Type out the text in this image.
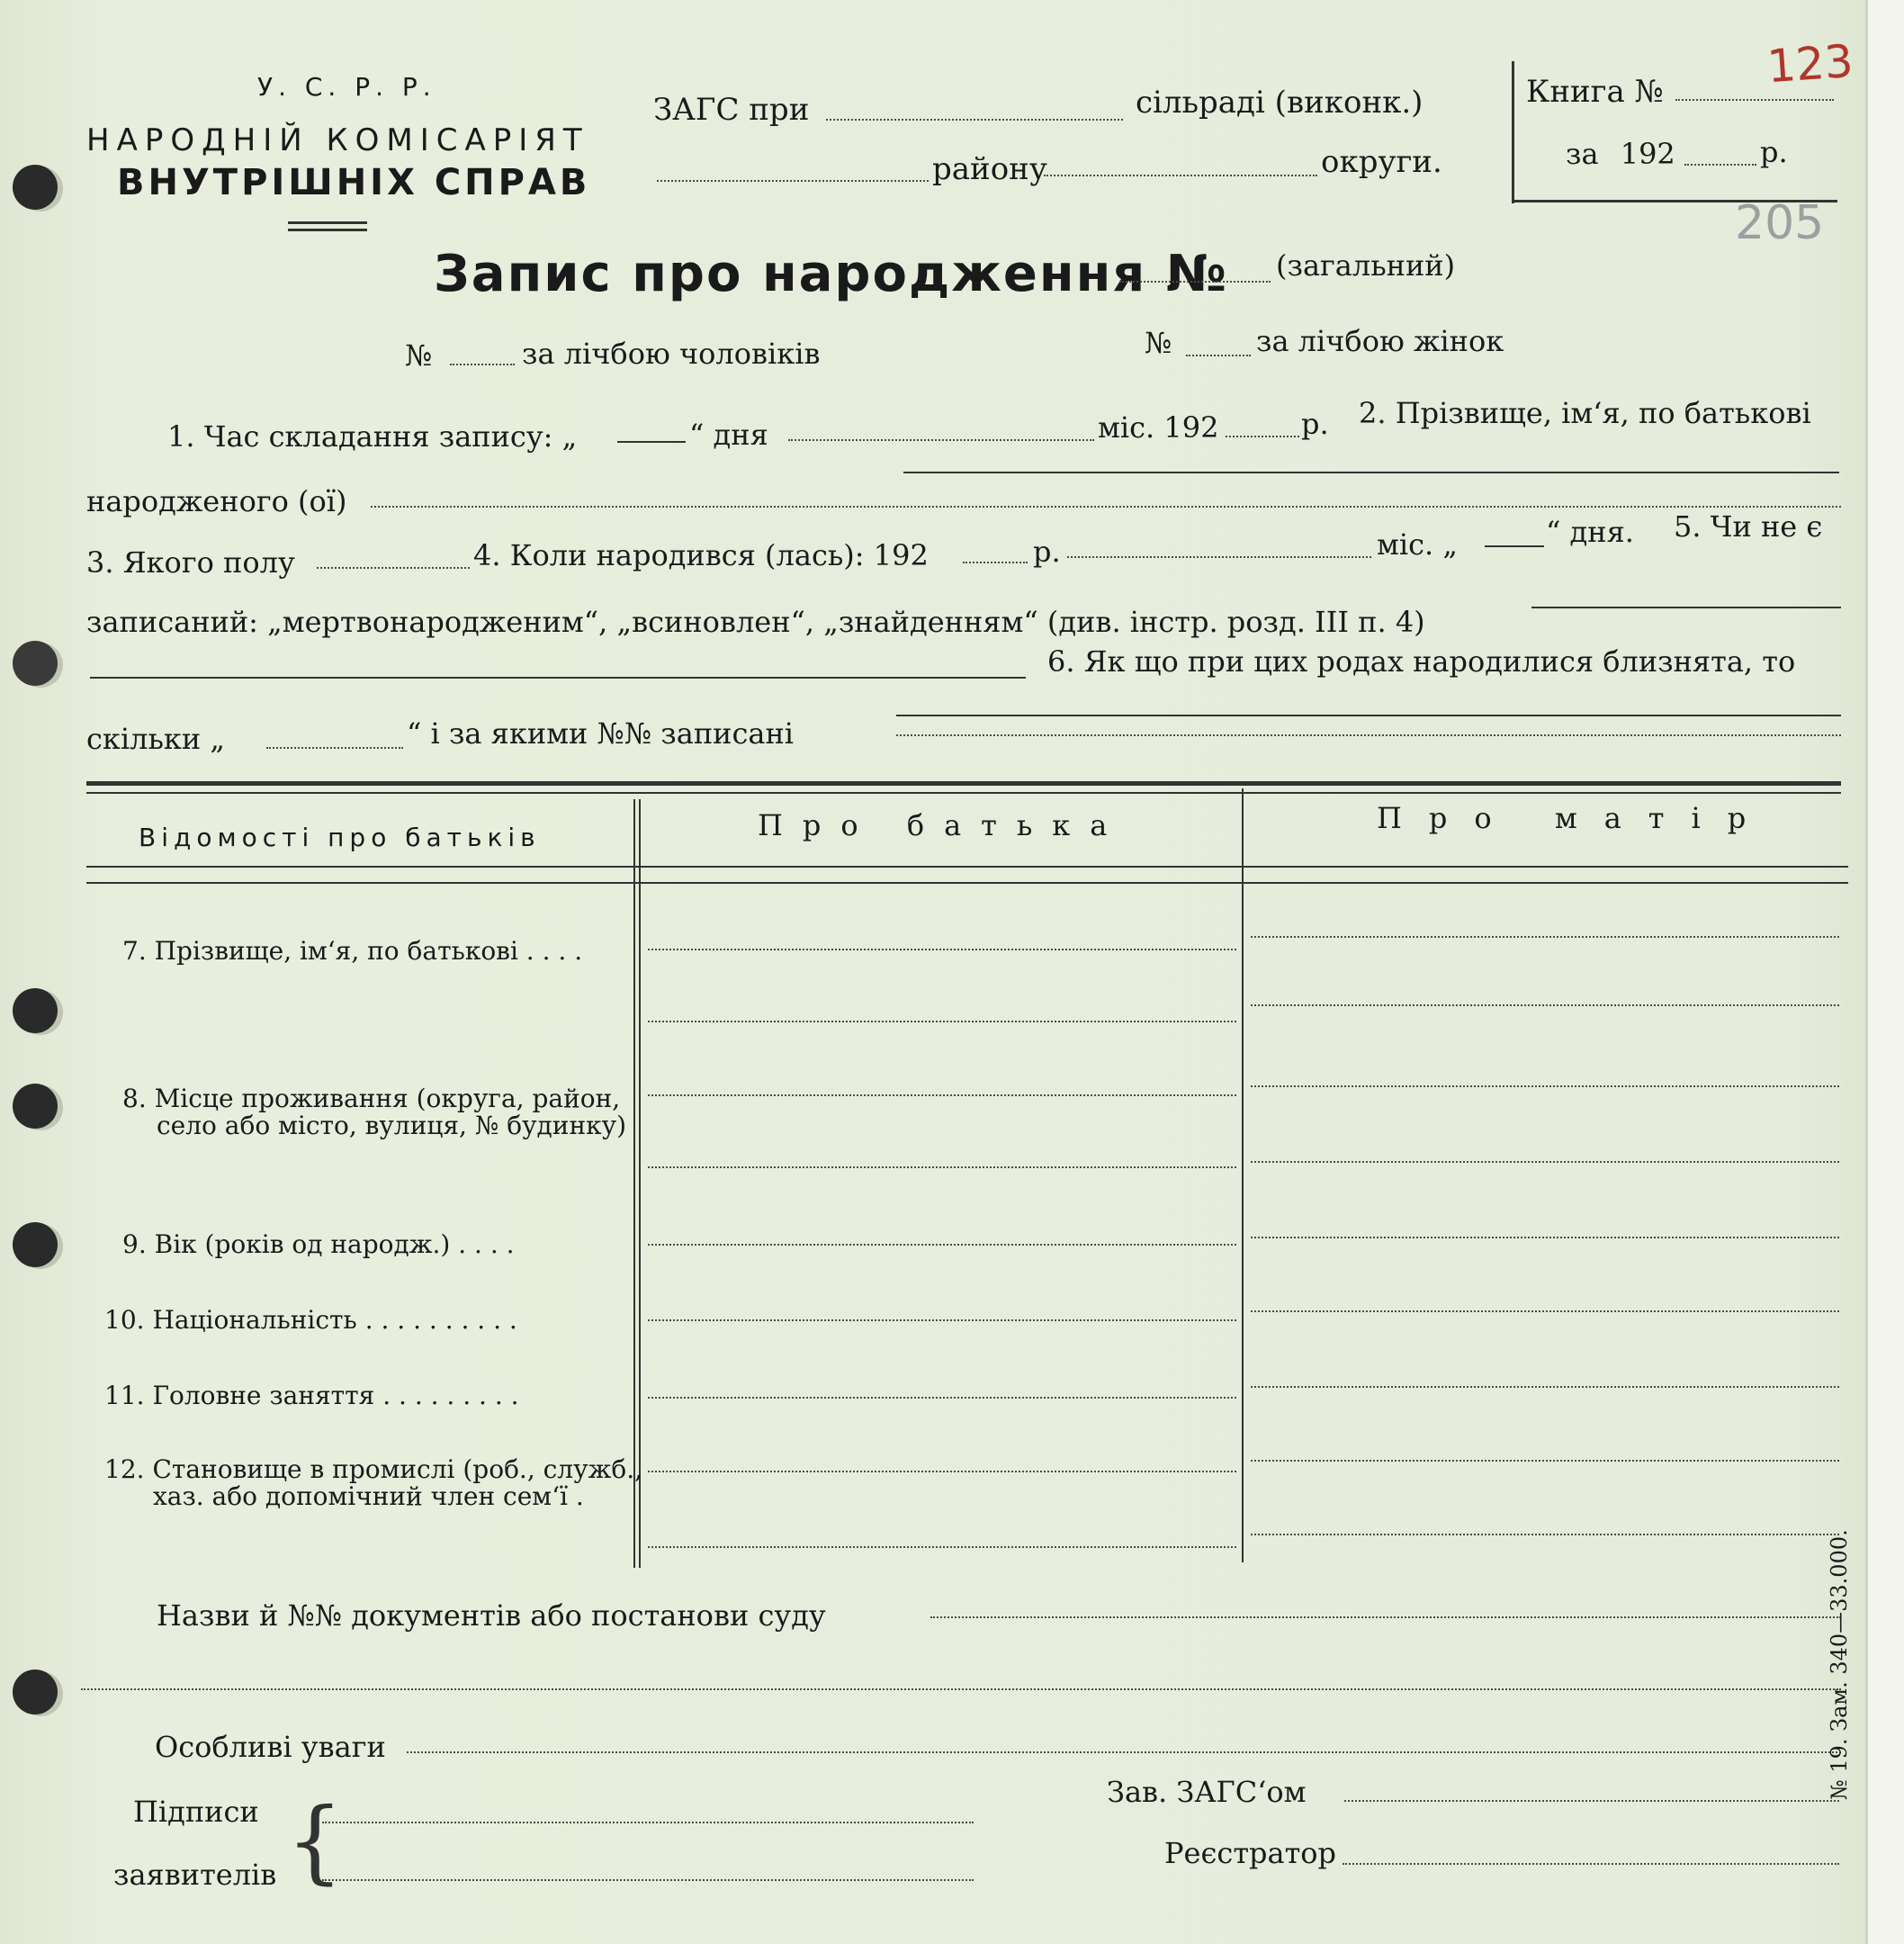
У. С. Р. Р.
НАРОДНІЙ КОМІСАРІЯТ
ВНУТРІШНІХ СПРАВ
ЗАГС при	сільраді (виконк.)
району	округи.
Книга № 123
за 192	р.
205
Запис про народження № (загальний)
№	за лічбою чоловіків	№	за лічбою жінок
1. Час складання запису: „	“ дня	міс. 192	р. 2. Прізвище, ім‘я, по батькові
народженого (ої)
3. Якого полу	4. Коли народився (лась): 192	р.	міс. „	“ дня. 5. Чи не є
записаний: „мертвонародженим“, „всиновлен“, „знайденням“ (див. інстр. розд. III п. 4)
6. Як що при цих родах народилися близнята, то
скільки „	“ і за якими №№ записані
Відомості про батьків	Про батька	Про матір
7. Прізвище, ім‘я, по батькові . . . .
8. Місце проживання (округа, район,
село або місто, вулиця, № будинку)
9. Вік (років од народж.) . . . .
10. Національність . . . . . . . . . .
11. Головне заняття . . . . . . . . .
12. Становище в промислі (роб., служб.,
хаз. або допомічний член сем‘ї .
Назви й №№ документів або постанови суду
Особливі уваги
Підписи
заявителів {	Зав. ЗАГС‘ом
Реєстратор
№ 19. Зам. 340—33.000.
